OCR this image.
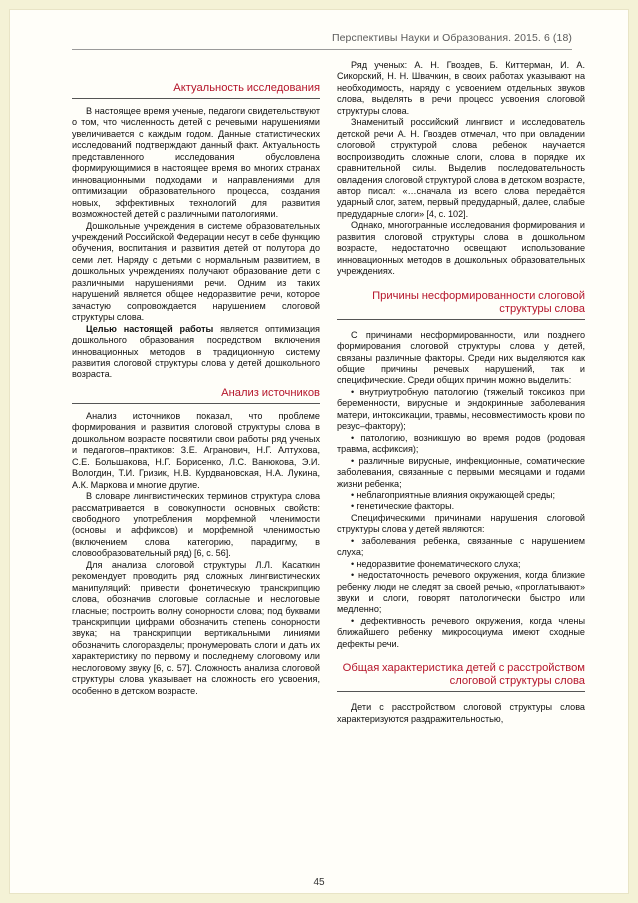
Перспективы Науки и Образования. 2015. 6 (18)
Актуальность исследования

В настоящее время ученые, педагоги свидетельствуют о том, что численность детей с речевыми нарушениями увеличивается с каждым годом. Данные статистических исследований подтверждают данный факт. Актуальность представленного исследования обусловлена формирующимися в настоящее время во многих странах инновационными подходами и направлениями для оптимизации образовательного процесса, создания новых, эффективных технологий для развития возможностей детей с различными патологиями.

Дошкольные учреждения в системе образовательных учреждений Российской Федерации несут в себе функцию обучения, воспитания и развития детей от полутора до семи лет. Наряду с детьми с нормальным развитием, в дошкольных учреждениях получают образование дети с различными нарушениями речи. Одним из таких нарушений является общее недоразвитие речи, которое зачастую сопровождается нарушением слоговой структуры слова.

Целью настоящей работы является оптимизация дошкольного образования посредством включения инновационных методов в традиционную систему развития слоговой структуры слова у детей дошкольного возраста.

Анализ источников

Анализ источников показал, что проблеме формирования и развития слоговой структуры слова в дошкольном возрасте посвятили свои работы ряд ученых и педагогов–практиков: З.Е. Агранович, Н.Г. Алтухова, С.Е. Большакова, Н.Г. Борисенко, Л.С. Ванюкова, Э.И. Вологдин, Т.И. Гризик, Н.В. Курдвановская, Н.А. Лукина, А.К. Маркова и многие другие.

В словаре лингвистических терминов структура слова рассматривается в совокупности основных свойств: свободного употребления морфемной членимости (основы и аффиксов) и морфемной членимостью (включением слова категорию, парадигму, в словообразовательный ряд) [6, с. 56].

Для анализа слоговой структуры Л.Л. Касаткин рекомендует проводить ряд сложных лингвистических манипуляций: привести фонетическую транскрипцию слова, обозначив слоговые согласные и неслоговые гласные; построить волну сонорности слова; под буквами транскрипции цифрами обозначить степень сонорности звука; на транскрипции вертикальными линиями обозначить слогоразделы; пронумеровать слоги и дать их характеристику по первому и последнему слоговому или неслоговому звуку [6, с. 57]. Сложность анализа слоговой структуры слова указывает на сложность его усвоения, особенно в детском возрасте.

Ряд ученых: А. Н. Гвоздев, Б. Киттерман, И. А. Сикорский, Н. Н. Швачкин, в своих работах указывают на необходимость, наряду с усвоением отдельных звуков слова, выделять в речи процесс усвоения слоговой структуры слова.

Знаменитый российский лингвист и исследователь детской речи А. Н. Гвоздев отмечал, что при овладении слоговой структурой слова ребенок научается воспроизводить сложные слоги, слова в порядке их сравнительной силы. Выделив последовательность овладения слоговой структурой слова в детском возрасте, автор писал: «…сначала из всего слова передаётся ударный слог, затем, первый предударный, далее, слабые предударные слоги» [4, с. 102].

Однако, многогранные исследования формирования и развития слоговой структуры слова в дошкольном возрасте, недостаточно освещают использование инновационных методов в дошкольных образовательных учреждениях.

Причины несформированности слоговой структуры слова

С причинами несформированности, или позднего формирования слоговой структуры слова у детей, связаны различные факторы. Среди них выделяются как общие причины речевых нарушений, так и специфические. Среди общих причин можно выделить:

• внутриутробную патологию (тяжелый токсикоз при беременности, вирусные и эндокринные заболевания матери, интоксикации, травмы, несовместимость крови по резус–фактору);

• патологию, возникшую во время родов (родовая травма, асфиксия);

• различные вирусные, инфекционные, соматические заболевания, связанные с первыми месяцами и годами жизни ребенка;

• неблагоприятные влияния окружающей среды;

• генетические факторы.

Специфическими причинами нарушения слоговой структуры слова у детей являются:

• заболевания ребенка, связанные с нарушением слуха;

• недоразвитие фонематического слуха;

• недостаточность речевого окружения, когда близкие ребенку люди не следят за своей речью, «проглатывают» звуки и слоги, говорят патологически быстро или медленно;

• дефективность речевого окружения, когда члены ближайшего ребенку микросоциума имеют сходные дефекты речи.

Общая характеристика детей с расстройством слоговой структуры слова

Дети с расстройством слоговой структуры слова характеризуются раздражительностью,

45
